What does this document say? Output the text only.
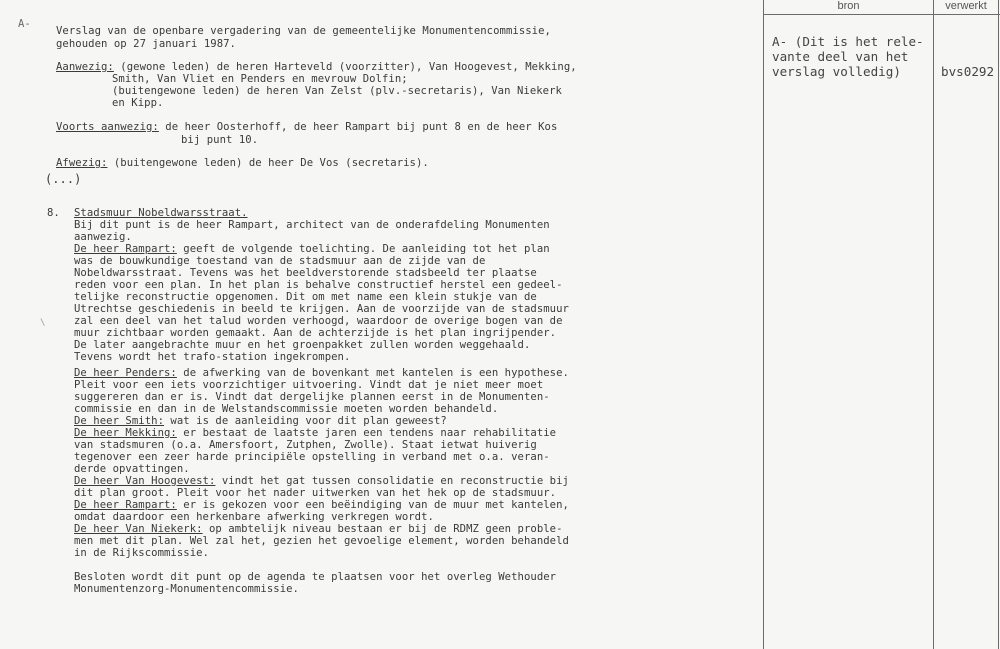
A-
\
Verslag van de openbare vergadering van de gemeentelijke Monumentencommissie,
gehouden op 27 januari 1987.
Aanwezig: (gewone leden) de heren Harteveld (voorzitter), Van Hoogevest, Mekking,
Smith, Van Vliet en Penders en mevrouw Dolfin;
(buitengewone leden) de heren Van Zelst (plv.-secretaris), Van Niekerk
en Kipp.
Voorts aanwezig: de heer Oosterhoff, de heer Rampart bij punt 8 en de heer Kos
bij punt 10.
Afwezig: (buitengewone leden) de heer De Vos (secretaris).
(...)
8. Stadsmuur Nobeldwarsstraat.
Bij dit punt is de heer Rampart, architect van de onderafdeling Monumenten
aanwezig.
De heer Rampart: geeft de volgende toelichting. De aanleiding tot het plan
was de bouwkundige toestand van de stadsmuur aan de zijde van de
Nobeldwarsstraat. Tevens was het beeldverstorende stadsbeeld ter plaatse
reden voor een plan. In het plan is behalve constructief herstel een gedeel-
telijke reconstructie opgenomen. Dit om met name een klein stukje van de
Utrechtse geschiedenis in beeld te krijgen. Aan de voorzijde van de stadsmuur
zal een deel van het talud worden verhoogd, waardoor de overige bogen van de
muur zichtbaar worden gemaakt. Aan de achterzijde is het plan ingrijpender.
De later aangebrachte muur en het groenpakket zullen worden weggehaald.
Tevens wordt het trafo-station ingekrompen.
De heer Penders: de afwerking van de bovenkant met kantelen is een hypothese.
Pleit voor een iets voorzichtiger uitvoering. Vindt dat je niet meer moet
suggereren dan er is. Vindt dat dergelijke plannen eerst in de Monumenten-
commissie en dan in de Welstandscommissie moeten worden behandeld.
De heer Smith: wat is de aanleiding voor dit plan geweest?
De heer Mekking: er bestaat de laatste jaren een tendens naar rehabilitatie
van stadsmuren (o.a. Amersfoort, Zutphen, Zwolle). Staat ietwat huiverig
tegenover een zeer harde principiële opstelling in verband met o.a. veran-
derde opvattingen.
De heer Van Hoogevest: vindt het gat tussen consolidatie en reconstructie bij
dit plan groot. Pleit voor het nader uitwerken van het hek op de stadsmuur.
De heer Rampart: er is gekozen voor een beëindiging van de muur met kantelen,
omdat daardoor een herkenbare afwerking verkregen wordt.
De heer Van Niekerk: op ambtelijk niveau bestaan er bij de RDMZ geen proble-
men met dit plan. Wel zal het, gezien het gevoelige element, worden behandeld
in de Rijkscommissie.
Besloten wordt dit punt op de agenda te plaatsen voor het overleg Wethouder
Monumentenzorg-Monumentencommissie.
bron	verwerkt
A- (Dit is het rele-
vante deel van het
verslag volledig)	bvs0292
